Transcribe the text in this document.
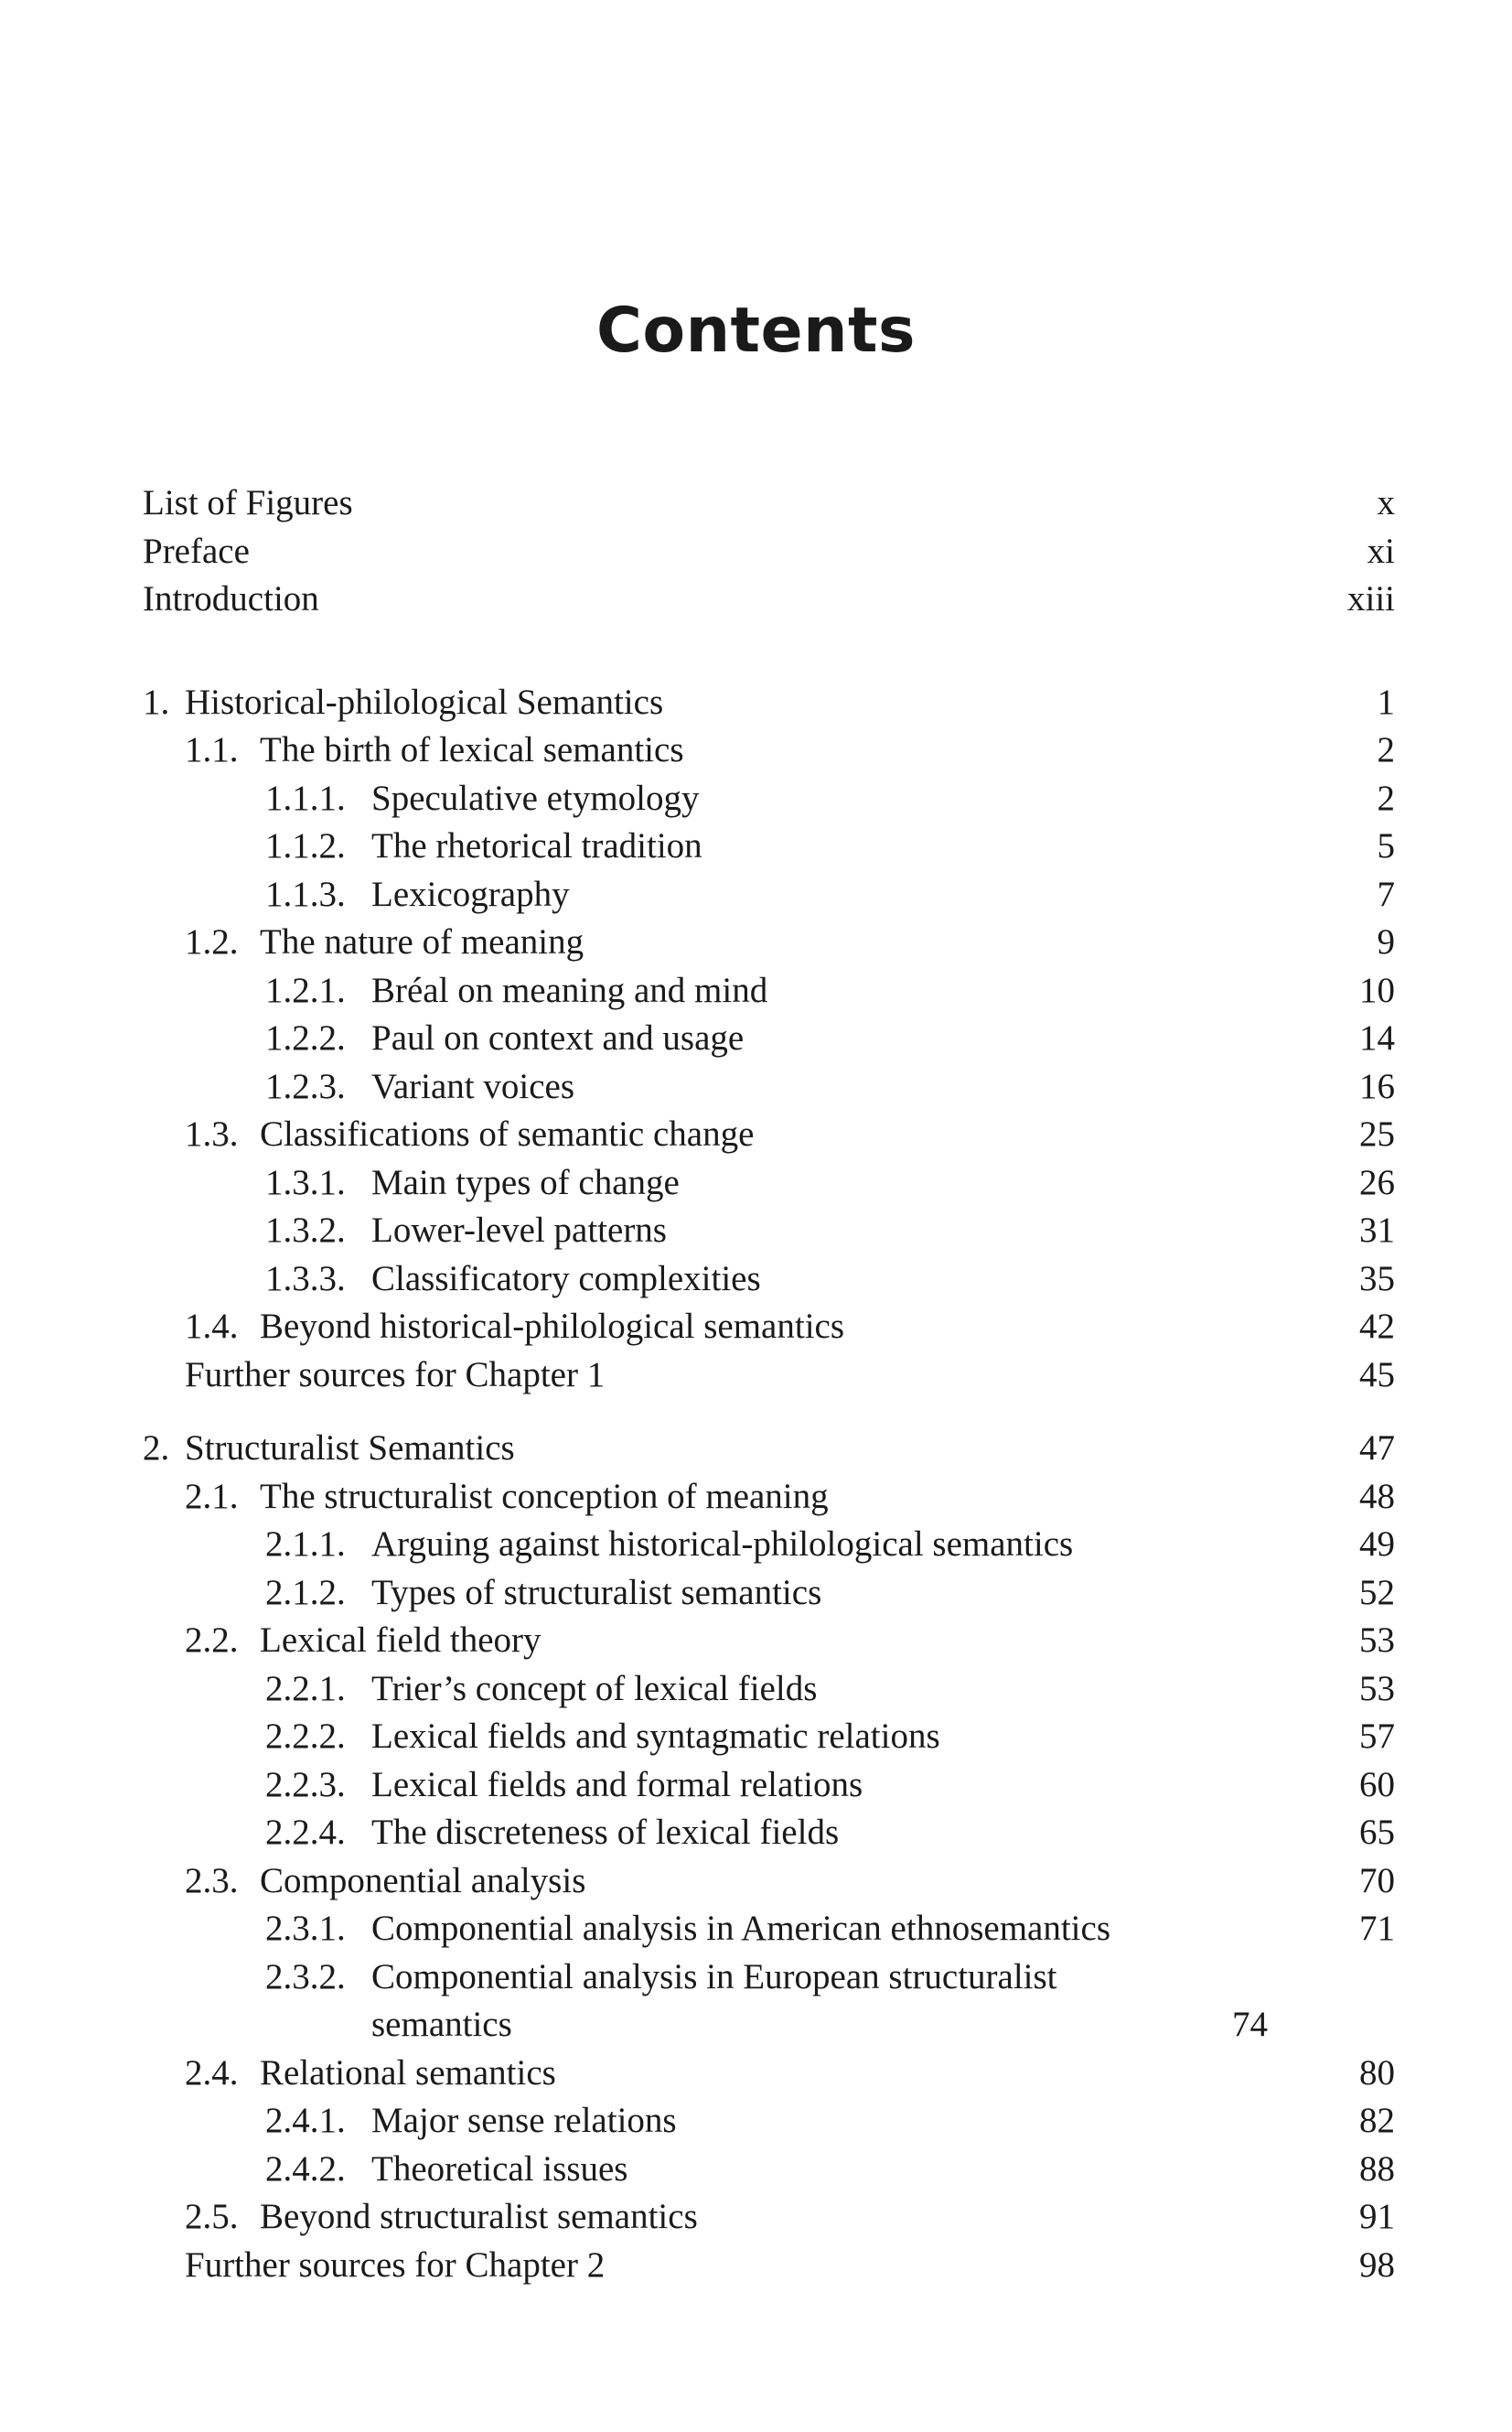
Contents
List of Figures	x
Preface	xi
Introduction	xiii
1. Historical-philological Semantics	1
1.1. The birth of lexical semantics	2
1.1.1. Speculative etymology	2
1.1.2. The rhetorical tradition	5
1.1.3. Lexicography	7
1.2. The nature of meaning	9
1.2.1. Bréal on meaning and mind	10
1.2.2. Paul on context and usage	14
1.2.3. Variant voices	16
1.3. Classifications of semantic change	25
1.3.1. Main types of change	26
1.3.2. Lower-level patterns	31
1.3.3. Classificatory complexities	35
1.4. Beyond historical-philological semantics	42
Further sources for Chapter 1	45
2. Structuralist Semantics	47
2.1. The structuralist conception of meaning	48
2.1.1. Arguing against historical-philological semantics	49
2.1.2. Types of structuralist semantics	52
2.2. Lexical field theory	53
2.2.1. Trier’s concept of lexical fields	53
2.2.2. Lexical fields and syntagmatic relations	57
2.2.3. Lexical fields and formal relations	60
2.2.4. The discreteness of lexical fields	65
2.3. Componential analysis	70
2.3.1. Componential analysis in American ethnosemantics	71
2.3.2. Componential analysis in European structuralist semantics	74
2.4. Relational semantics	80
2.4.1. Major sense relations	82
2.4.2. Theoretical issues	88
2.5. Beyond structuralist semantics	91
Further sources for Chapter 2	98
